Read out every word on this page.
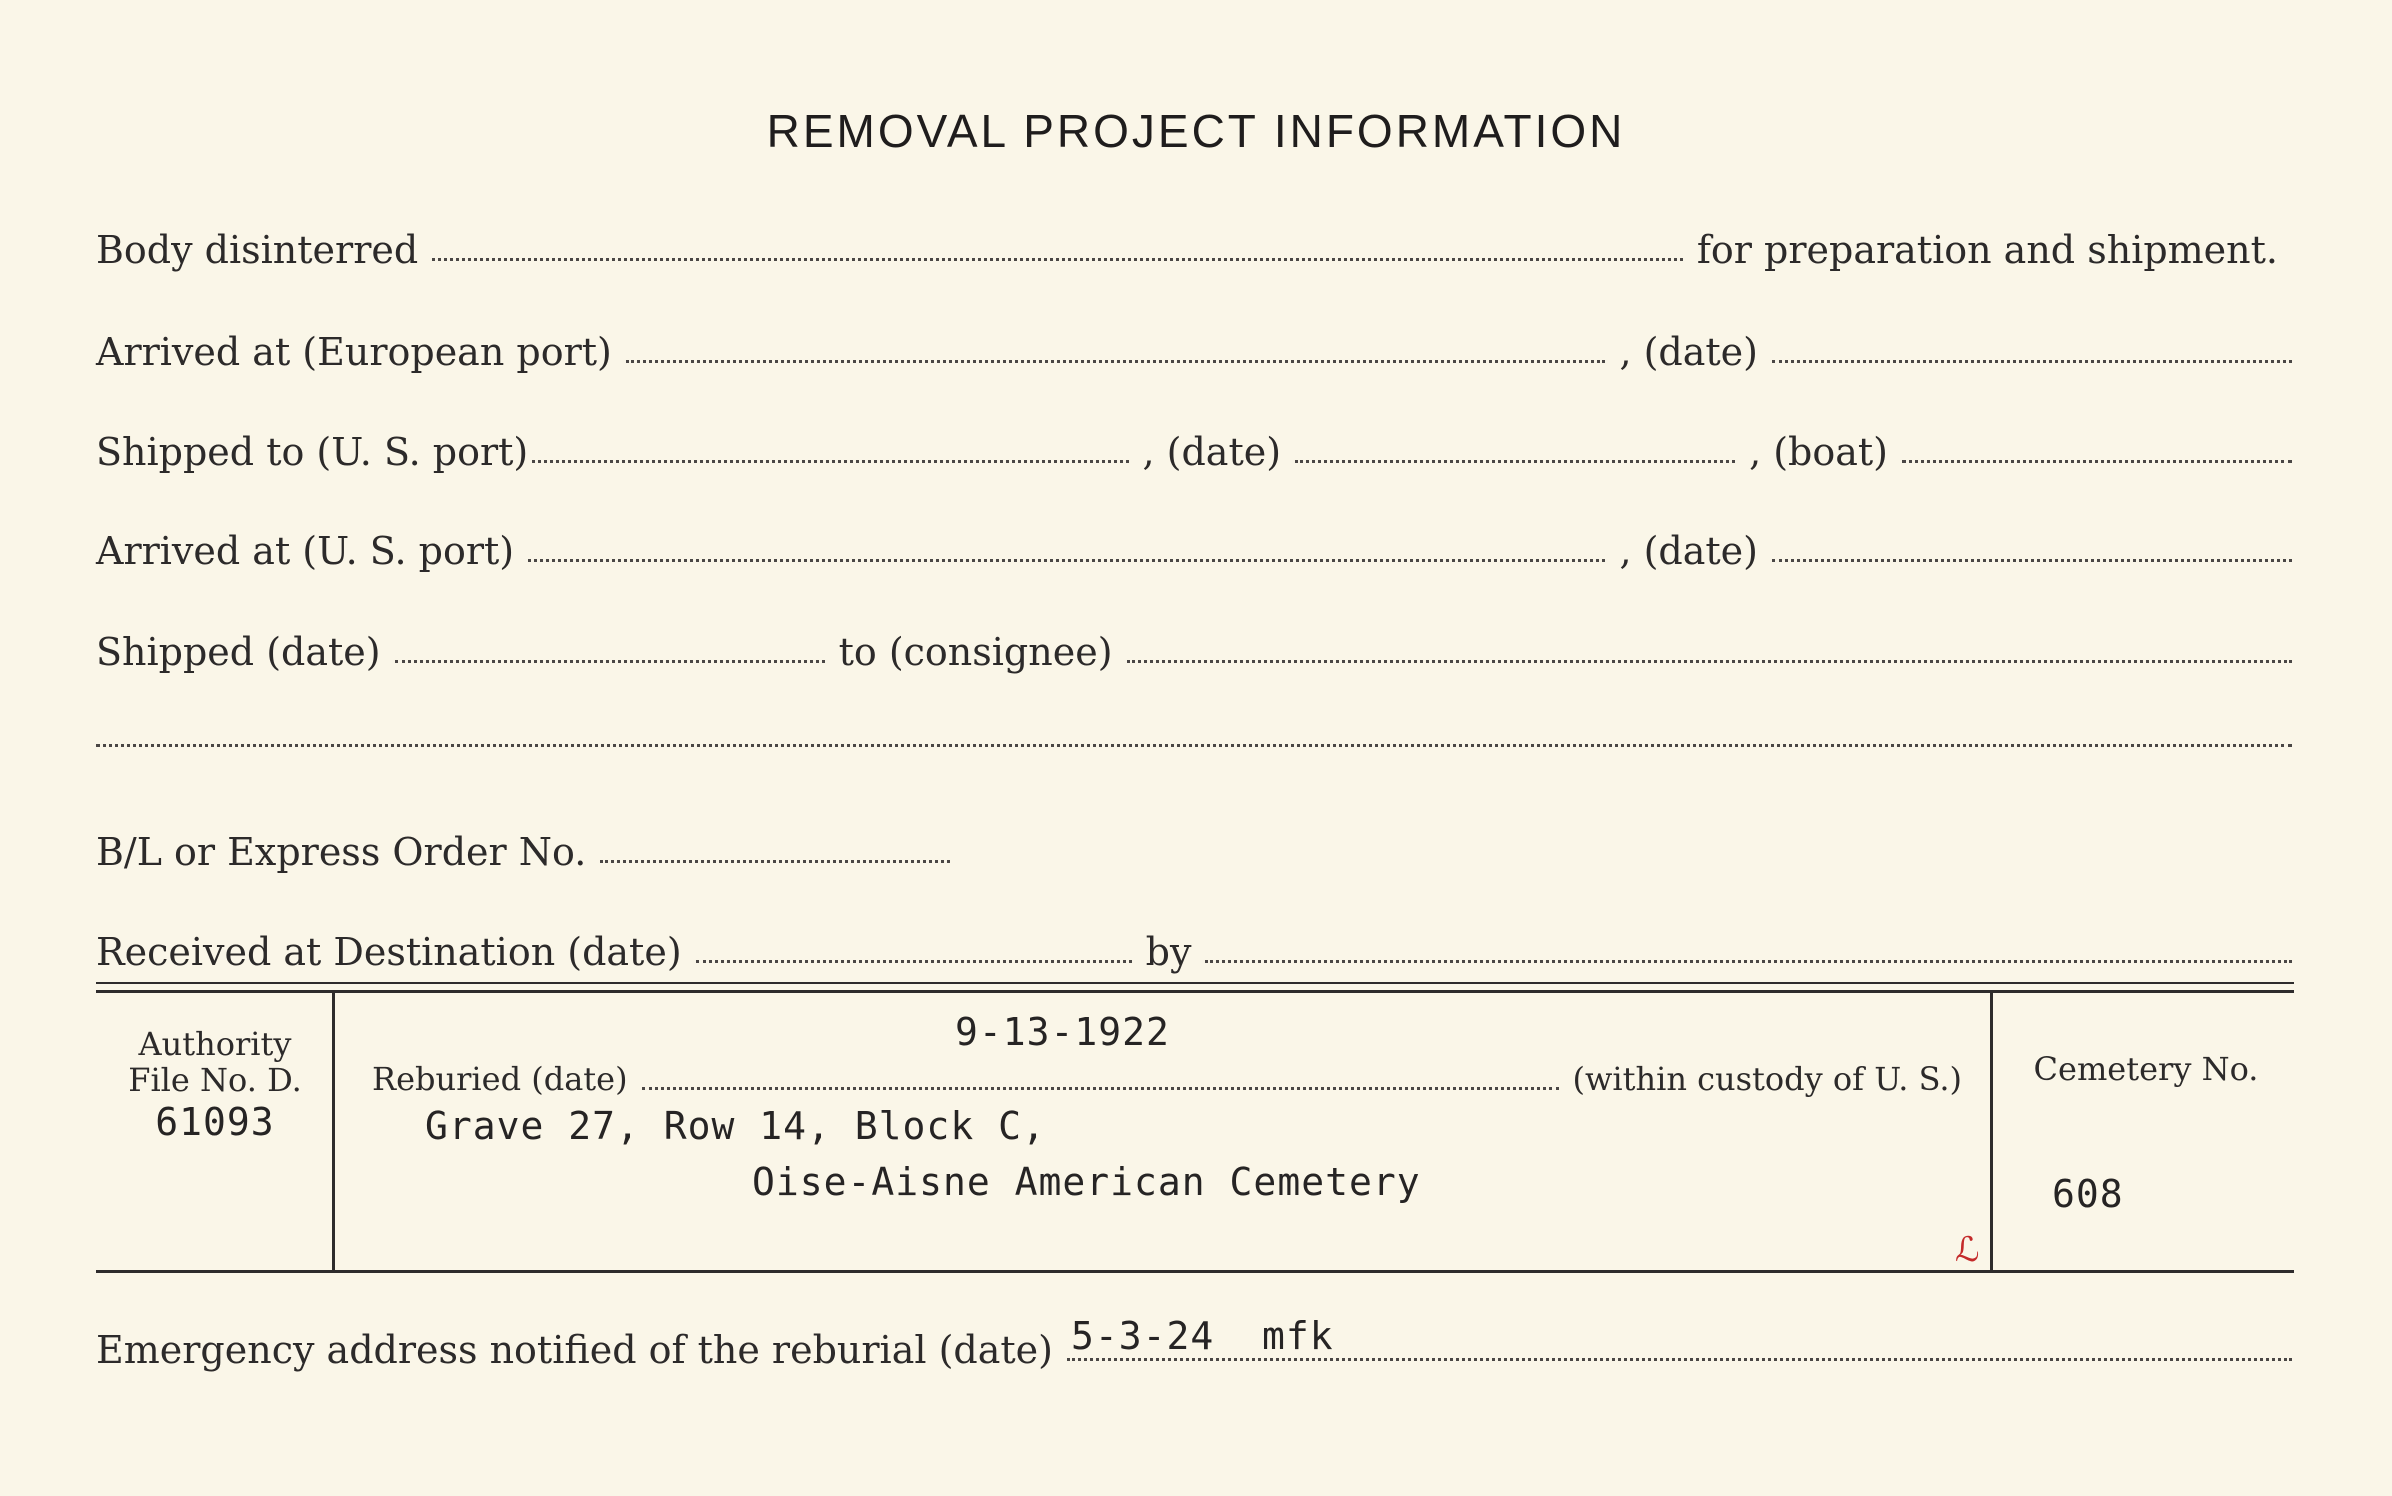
REMOVAL PROJECT INFORMATION
Body disinterred	for preparation and shipment.
Arrived at (European port)	, (date)
Shipped to (U. S. port)	, (date)	, (boat)
Arrived at (U. S. port)	, (date)
Shipped (date)	to (consignee)
B/L or Express Order No.
Received at Destination (date)	by
Authority
File No. D.
61093
9-13-1922
Reburied (date)	(within custody of U. S.)
Grave 27, Row 14, Block C,
Oise-Aisne American Cemetery
ℒ
Cemetery No.
608
Emergency address notified of the reburial (date) 5-3-24  mfk
